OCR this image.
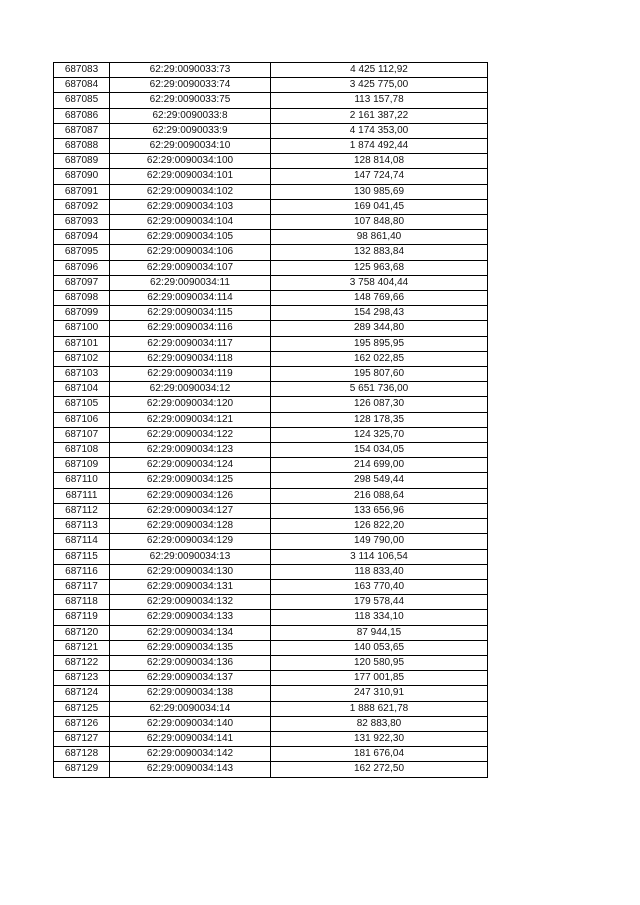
687083	62:29:0090033:73	4 425 112,92
687084	62:29:0090033:74	3 425 775,00
687085	62:29:0090033:75	113 157,78
687086	62:29:0090033:8	2 161 387,22
687087	62:29:0090033:9	4 174 353,00
687088	62:29:0090034:10	1 874 492,44
687089	62:29:0090034:100	128 814,08
687090	62:29:0090034:101	147 724,74
687091	62:29:0090034:102	130 985,69
687092	62:29:0090034:103	169 041,45
687093	62:29:0090034:104	107 848,80
687094	62:29:0090034:105	98 861,40
687095	62:29:0090034:106	132 883,84
687096	62:29:0090034:107	125 963,68
687097	62:29:0090034:11	3 758 404,44
687098	62:29:0090034:114	148 769,66
687099	62:29:0090034:115	154 298,43
687100	62:29:0090034:116	289 344,80
687101	62:29:0090034:117	195 895,95
687102	62:29:0090034:118	162 022,85
687103	62:29:0090034:119	195 807,60
687104	62:29:0090034:12	5 651 736,00
687105	62:29:0090034:120	126 087,30
687106	62:29:0090034:121	128 178,35
687107	62:29:0090034:122	124 325,70
687108	62:29:0090034:123	154 034,05
687109	62:29:0090034:124	214 699,00
687110	62:29:0090034:125	298 549,44
687111	62:29:0090034:126	216 088,64
687112	62:29:0090034:127	133 656,96
687113	62:29:0090034:128	126 822,20
687114	62:29:0090034:129	149 790,00
687115	62:29:0090034:13	3 114 106,54
687116	62:29:0090034:130	118 833,40
687117	62:29:0090034:131	163 770,40
687118	62:29:0090034:132	179 578,44
687119	62:29:0090034:133	118 334,10
687120	62:29:0090034:134	87 944,15
687121	62:29:0090034:135	140 053,65
687122	62:29:0090034:136	120 580,95
687123	62:29:0090034:137	177 001,85
687124	62:29:0090034:138	247 310,91
687125	62:29:0090034:14	1 888 621,78
687126	62:29:0090034:140	82 883,80
687127	62:29:0090034:141	131 922,30
687128	62:29:0090034:142	181 676,04
687129	62:29:0090034:143	162 272,50
